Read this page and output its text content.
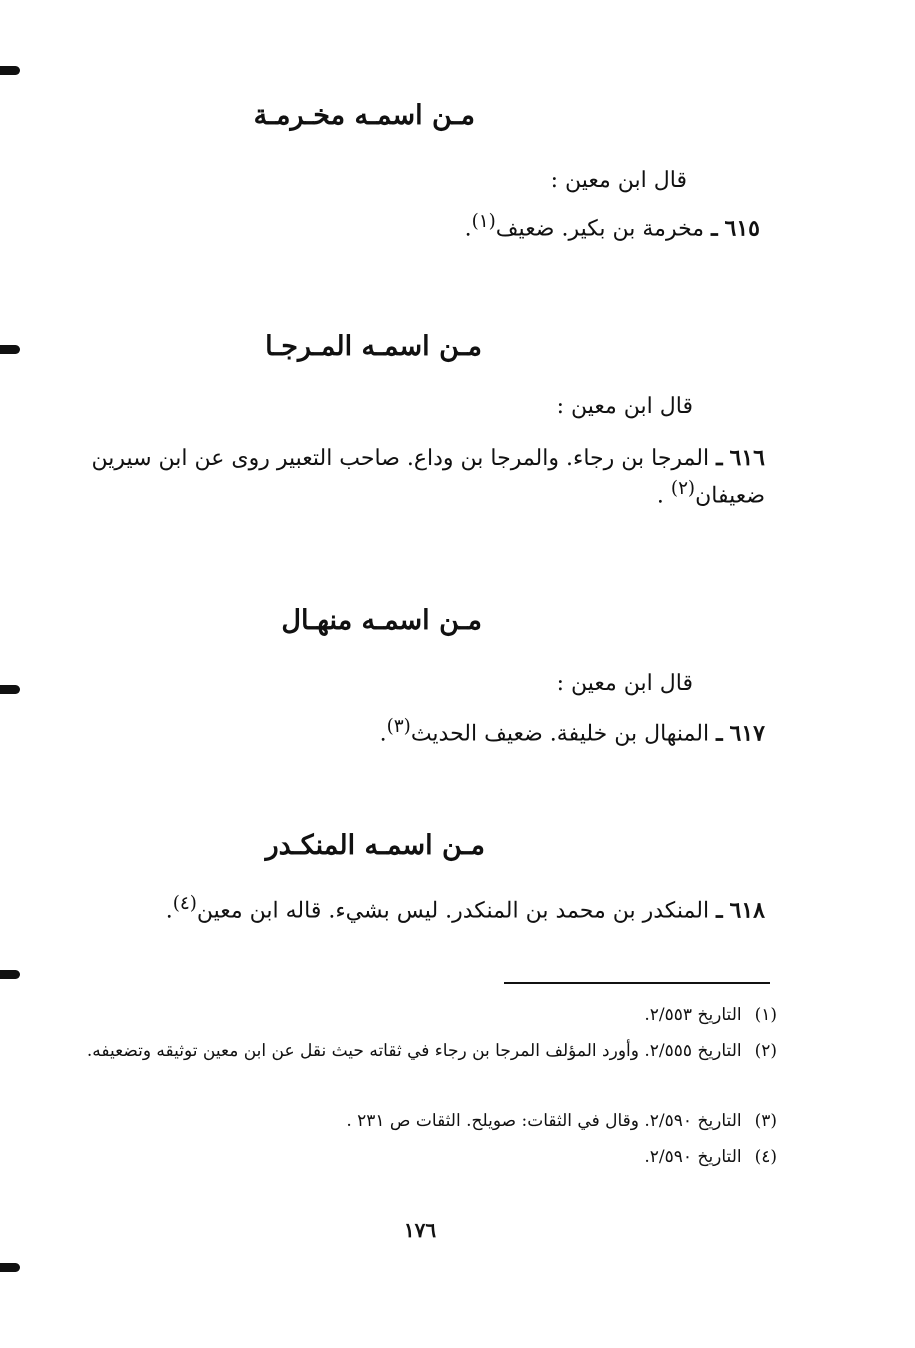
مـن اسمـه مخـرمـة
قال ابن معين :
٦١٥ ـ مخرمة بن بكير. ضعيف$^{(١)}$.
مـن اسمـه المـرجـا
قال ابن معين :
٦١٦ ـ المرجا بن رجاء. والمرجا بن وداع. صاحب التعبير روى عن ابن سيرين ضعيفان$^{(٢)}$ .
مـن اسمـه منهـال
قال ابن معين :
٦١٧ ـ المنهال بن خليفة. ضعيف الحديث$^{(٣)}$.
مـن اسمـه المنكـدر
٦١٨ ـ المنكدر بن محمد بن المنكدر. ليس بشيء. قاله ابن معين$^{(٤)}$.
(١) التاريخ ٢/٥٥٣.
(٢) التاريخ ٢/٥٥٥. وأورد المؤلف المرجا بن رجاء في ثقاته حيث نقل عن ابن معين توثيقه وتضعيفه.
(٣) التاريخ ٢/٥٩٠. وقال في الثقات: صويلح. الثقات ص ٢٣١ .
(٤) التاريخ ٢/٥٩٠.
١٧٦
